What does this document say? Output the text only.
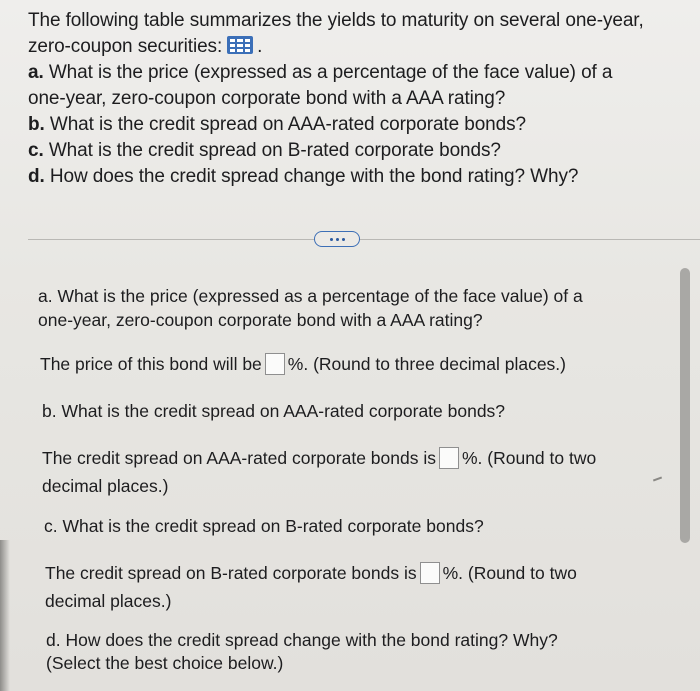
The following table summarizes the yields to maturity on several one-year,

zero-coupon securities: .

a. What is the price (expressed as a percentage of the face value) of a

one-year, zero-coupon corporate bond with a AAA rating?

b. What is the credit spread on AAA-rated corporate bonds?

c. What is the credit spread on B-rated corporate bonds?

d. How does the credit spread change with the bond rating? Why?

a. What is the price (expressed as a percentage of the face value) of a

one-year, zero-coupon corporate bond with a AAA rating?

The price of this bond will be %. (Round to three decimal places.)

b. What is the credit spread on AAA-rated corporate bonds?

The credit spread on AAA-rated corporate bonds is %. (Round to two

decimal places.)

c. What is the credit spread on B-rated corporate bonds?

The credit spread on B-rated corporate bonds is %. (Round to two

decimal places.)

d. How does the credit spread change with the bond rating? Why?

(Select the best choice below.)
